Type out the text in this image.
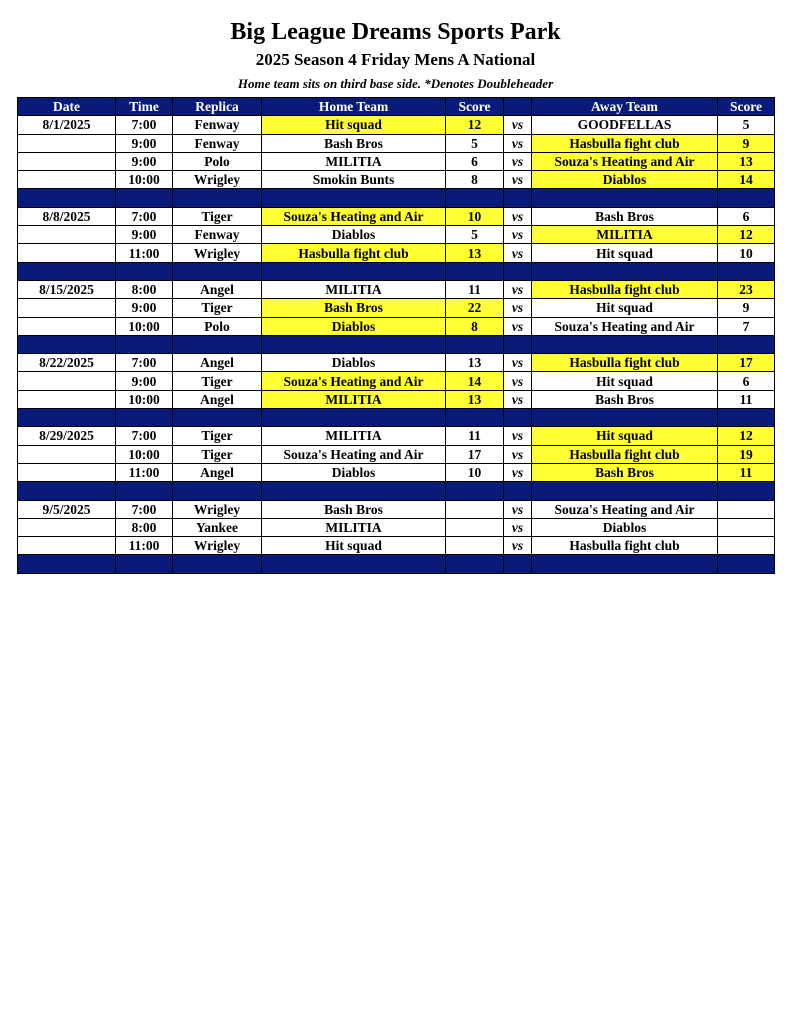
Big League Dreams Sports Park
2025 Season 4 Friday Mens A National
Home team sits on third base side. *Denotes Doubleheader
Date	Time	Replica	Home Team	Score		Away Team	Score
8/1/2025	7:00	Fenway	Hit squad	12	vs	GOODFELLAS	5
	9:00	Fenway	Bash Bros	5	vs	Hasbulla fight club	9
	9:00	Polo	MILITIA	6	vs	Souza's Heating and Air	13
	10:00	Wrigley	Smokin Bunts	8	vs	Diablos	14

8/8/2025	7:00	Tiger	Souza's Heating and Air	10	vs	Bash Bros	6
	9:00	Fenway	Diablos	5	vs	MILITIA	12
	11:00	Wrigley	Hasbulla fight club	13	vs	Hit squad	10

8/15/2025	8:00	Angel	MILITIA	11	vs	Hasbulla fight club	23
	9:00	Tiger	Bash Bros	22	vs	Hit squad	9
	10:00	Polo	Diablos	8	vs	Souza's Heating and Air	7

8/22/2025	7:00	Angel	Diablos	13	vs	Hasbulla fight club	17
	9:00	Tiger	Souza's Heating and Air	14	vs	Hit squad	6
	10:00	Angel	MILITIA	13	vs	Bash Bros	11

8/29/2025	7:00	Tiger	MILITIA	11	vs	Hit squad	12
	10:00	Tiger	Souza's Heating and Air	17	vs	Hasbulla fight club	19
	11:00	Angel	Diablos	10	vs	Bash Bros	11

9/5/2025	7:00	Wrigley	Bash Bros		vs	Souza's Heating and Air	
	8:00	Yankee	MILITIA		vs	Diablos	
	11:00	Wrigley	Hit squad		vs	Hasbulla fight club	
